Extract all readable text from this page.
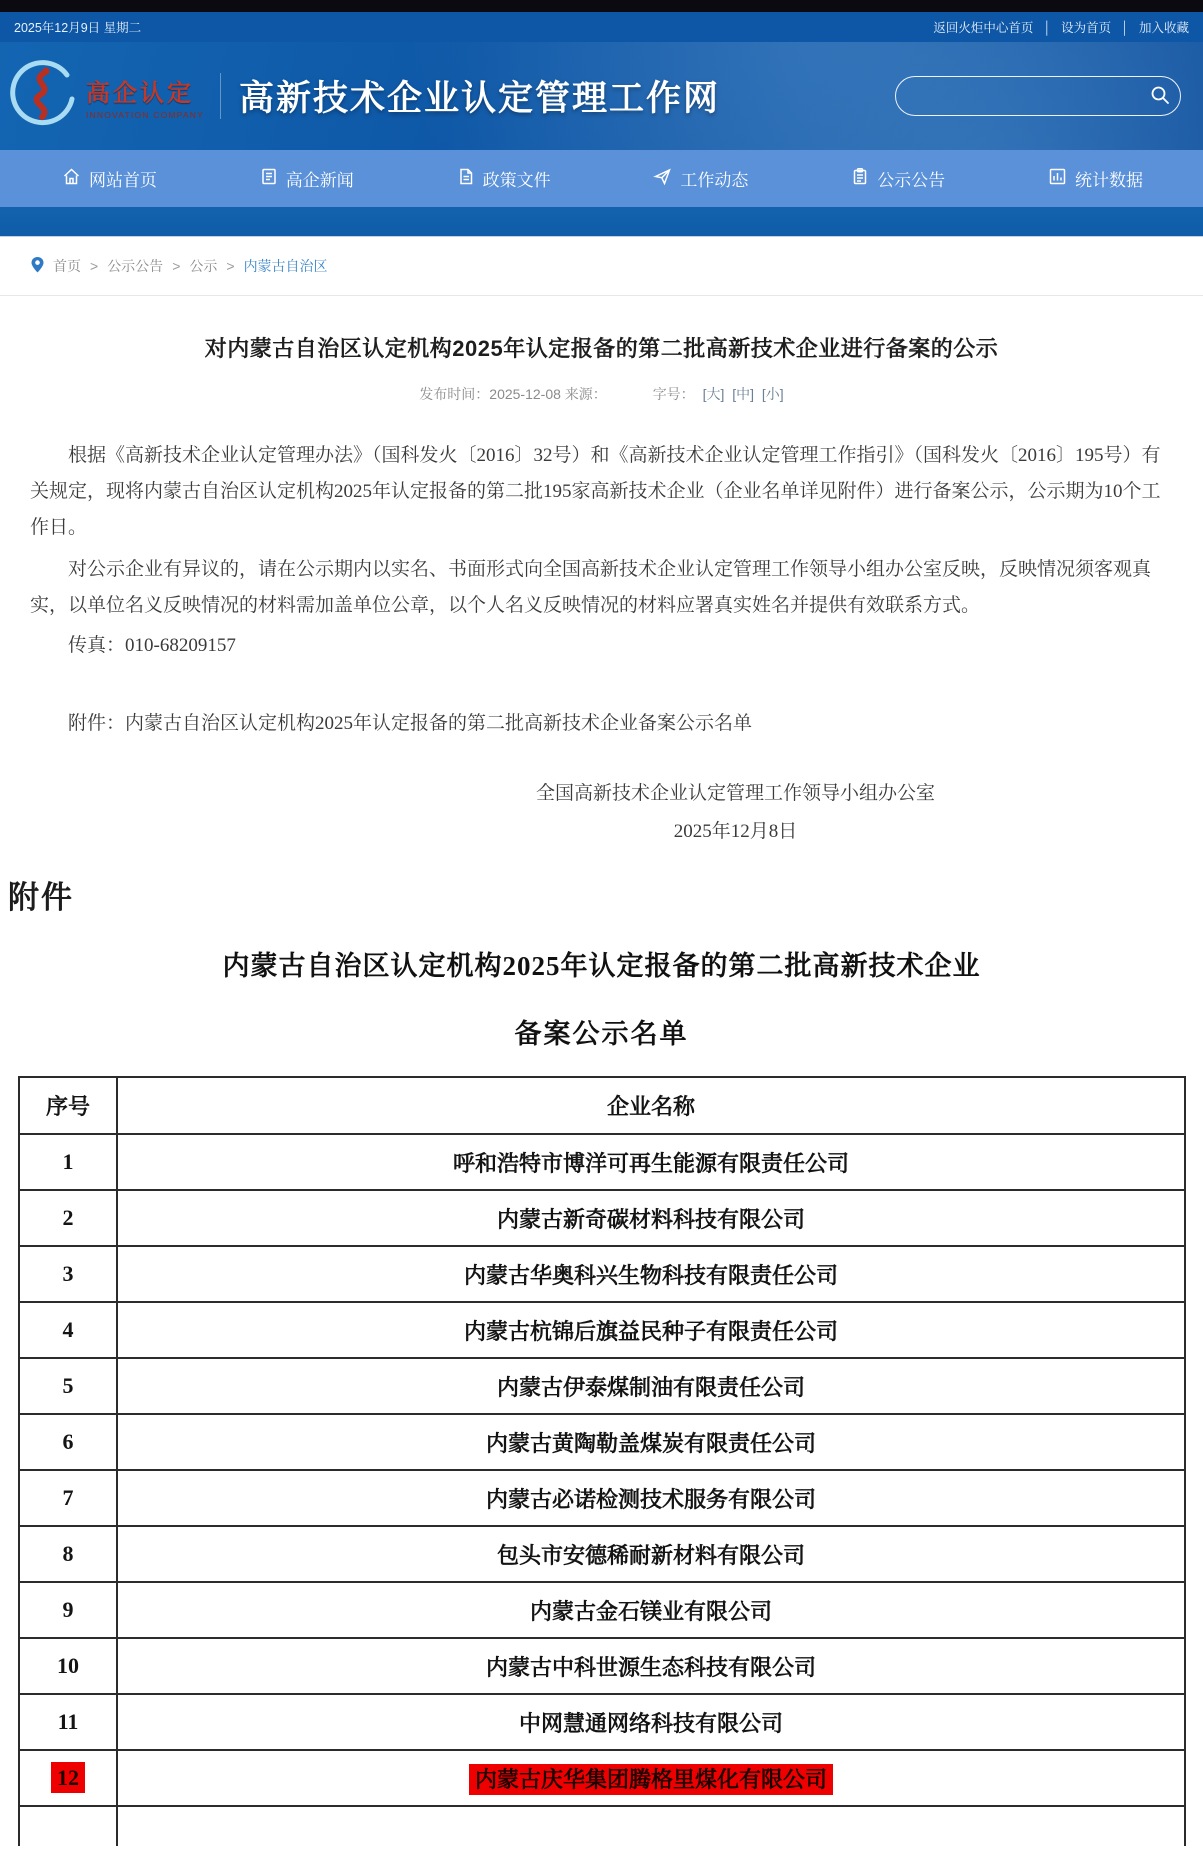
2025年12月9日 星期二	返回火炬中心首页	│ 设为首页	│ 加入收藏
高企认定
INNOVATION COMPANY 高新技术企业认定管理工作网
网站首页	高企新闻	政策文件	工作动态	公示公告	统计数据
首页	> 公示公告	> 公示	> 内蒙古自治区
对内蒙古自治区认定机构2025年认定报备的第二批高新技术企业进行备案的公示
发布时间：2025-12-08 来源：	字号： [大] [中] [小]

根据《高新技术企业认定管理办法》（国科发火〔2016〕32号）和《高新技术企业认定管理工作指引》（国科发火〔2016〕195号）有关规定，现将内蒙古自治区认定机构2025年认定报备的第二批195家高新技术企业（企业名单详见附件）进行备案公示，公示期为10个工作日。

对公示企业有异议的，请在公示期内以实名、书面形式向全国高新技术企业认定管理工作领导小组办公室反映，反映情况须客观真实，以单位名义反映情况的材料需加盖单位公章，以个人名义反映情况的材料应署真实姓名并提供有效联系方式。

传真：010-68209157

附件：内蒙古自治区认定机构2025年认定报备的第二批高新技术企业备案公示名单

全国高新技术企业认定管理工作领导小组办公室
2025年12月8日
附件
内蒙古自治区认定机构2025年认定报备的第二批高新技术企业
备案公示名单
序号	企业名称
1	呼和浩特市博洋可再生能源有限责任公司
2	内蒙古新奇碳材料科技有限公司
3	内蒙古华奥科兴生物科技有限责任公司
4	内蒙古杭锦后旗益民种子有限责任公司
5	内蒙古伊泰煤制油有限责任公司
6	内蒙古黄陶勒盖煤炭有限责任公司
7	内蒙古必诺检测技术服务有限公司
8	包头市安德稀耐新材料有限公司
9	内蒙古金石镁业有限公司
10	内蒙古中科世源生态科技有限公司
11	中网慧通网络科技有限公司
12	内蒙古庆华集团腾格里煤化有限公司
